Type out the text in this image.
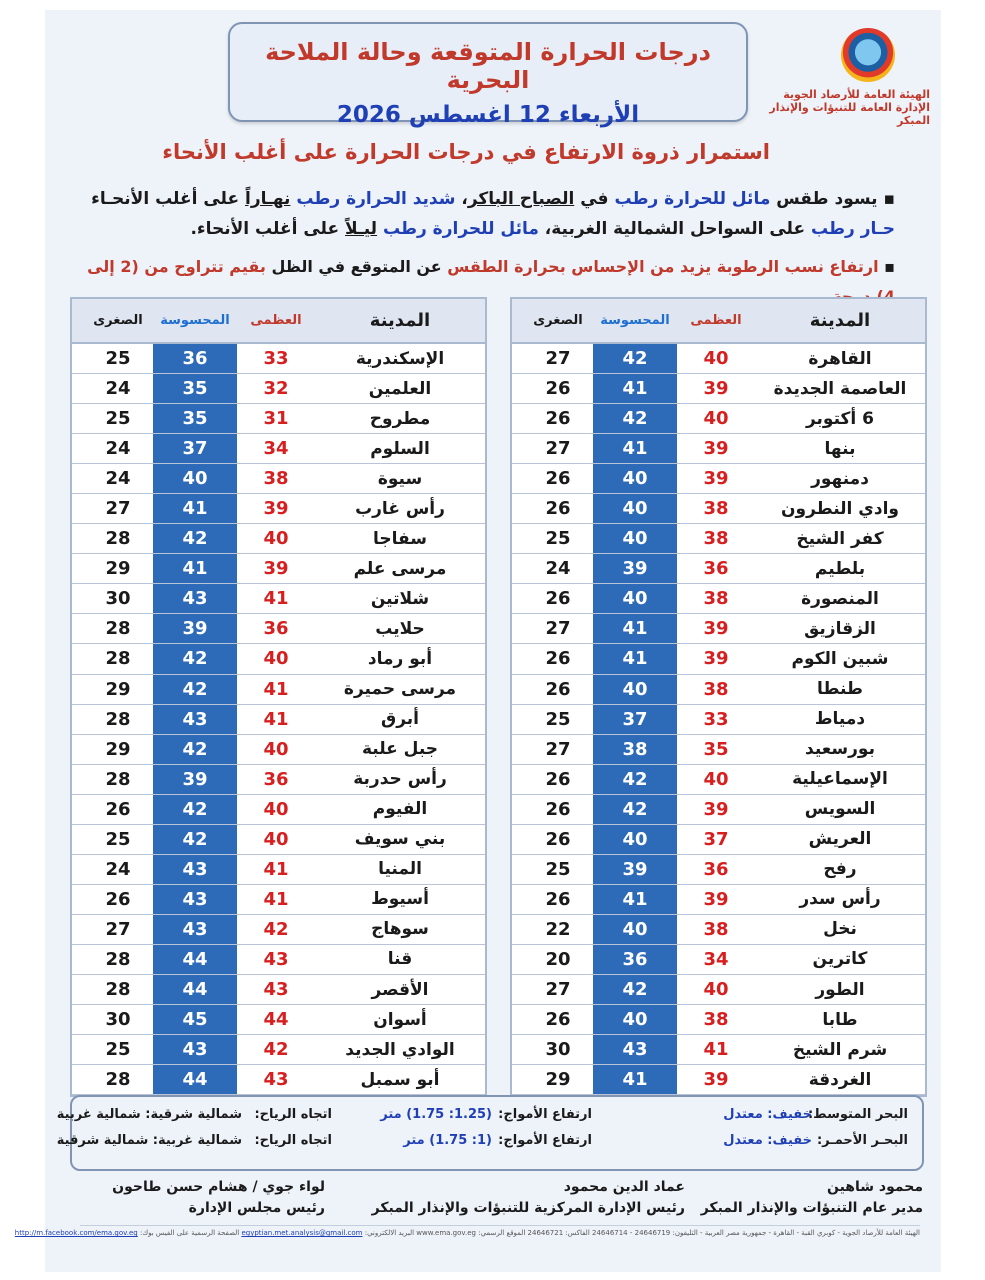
درجات الحرارة المتوقعة وحالة الملاحة البحرية
الأربعاء 12 اغسطس 2026
الهيئة العامة للأرصاد الجوية
الإدارة العامة للتنبؤات والإنذار المبكر
استمرار ذروة الارتفاع في درجات الحرارة على أغلب الأنحاء

▪ يسود طقس مائل للحرارة رطب في الصباح الباكر، شديد الحرارة رطب نهـاراً على أغلب الأنحـاء حـار رطب على السواحل الشمالية الغربية، مائل للحرارة رطب ليـلاً على أغلب الأنحاء.

▪ ارتفاع نسب الرطوبة يزيد من الإحساس بحرارة الطقس عن المتوقع في الظل بقيم تتراوح من (2 إلى

المدينة
العظمى
المحسوسة
الصغرى
القاهرة
40
42
27
العاصمة الجديدة
39
41
26
6 أكتوبر
40
42
26
بنها
39
41
27
دمنهور
39
40
26
وادي النطرون
38
40
26
كفر الشيخ
38
40
25
بلطيم
36
39
24
المنصورة
38
40
26
الزقازيق
39
41
27
شبين الكوم
39
41
26
طنطا
38
40
26
دمياط
33
37
25
بورسعيد
35
38
27
الإسماعيلية
40
42
26
السويس
39
42
26
العريش
37
40
26
رفح
36
39
25
رأس سدر
39
41
26
نخل
38
40
22
كاترين
34
36
20
الطور
40
42
27
طابا
38
40
26
شرم الشيخ
41
43
30
الغردقة
39
41
29
المدينة
العظمى
المحسوسة
الصغرى
الإسكندرية
33
36
25
العلمين
32
35
24
مطروح
31
35
25
السلوم
34
37
24
سيوة
38
40
24
رأس غارب
39
41
27
سفاجا
40
42
28
مرسى علم
39
41
29
شلاتين
41
43
30
حلايب
36
39
28
أبو رماد
40
42
28
مرسى حميرة
41
42
29
أبرق
41
43
28
جبل علبة
40
42
29
رأس حدربة
36
39
28
الفيوم
40
42
26
بني سويف
40
42
25
المنيا
41
43
24
أسيوط
41
43
26
سوهاج
42
43
27
قنا
43
44
28
الأقصر
43
44
28
أسوان
44
45
30
الوادي الجديد
42
43
25
أبو سمبل
43
44
28
البحر المتوسط:
خفيف: معتدل
ارتفاع الأمواج:
(1.25: 1.75) متر
اتجاه الرياح:
شمالية شرقية: شمالية غربية
البحـر الأحمـر:
خفيف: معتدل
ارتفاع الأمواج:
(1: 1.75) متر
اتجاه الرياح:
شمالية غربية: شمالية شرقية
محمود شاهين
مدير عام التنبؤات والإنذار المبكر
عماد الدين محمود
رئيس الإدارة المركزية للتنبؤات والإنذار المبكر
لواء جوي / هشام حسن طاحون
رئيس مجلس الإدارة
الهيئة العامة للأرصاد الجوية - كوبري القبة - القاهرة - جمهورية مصر العربية - التليفون: 24646719 - 24646714 الفاكس: 24646721 الموقع الرسمي: www.ema.gov.eg البريد الالكتروني: egyptian.met.analysis@gmail.com الصفحة الرسمية على الفيس بوك: http://m.facebook.com/ema.gov.eg
